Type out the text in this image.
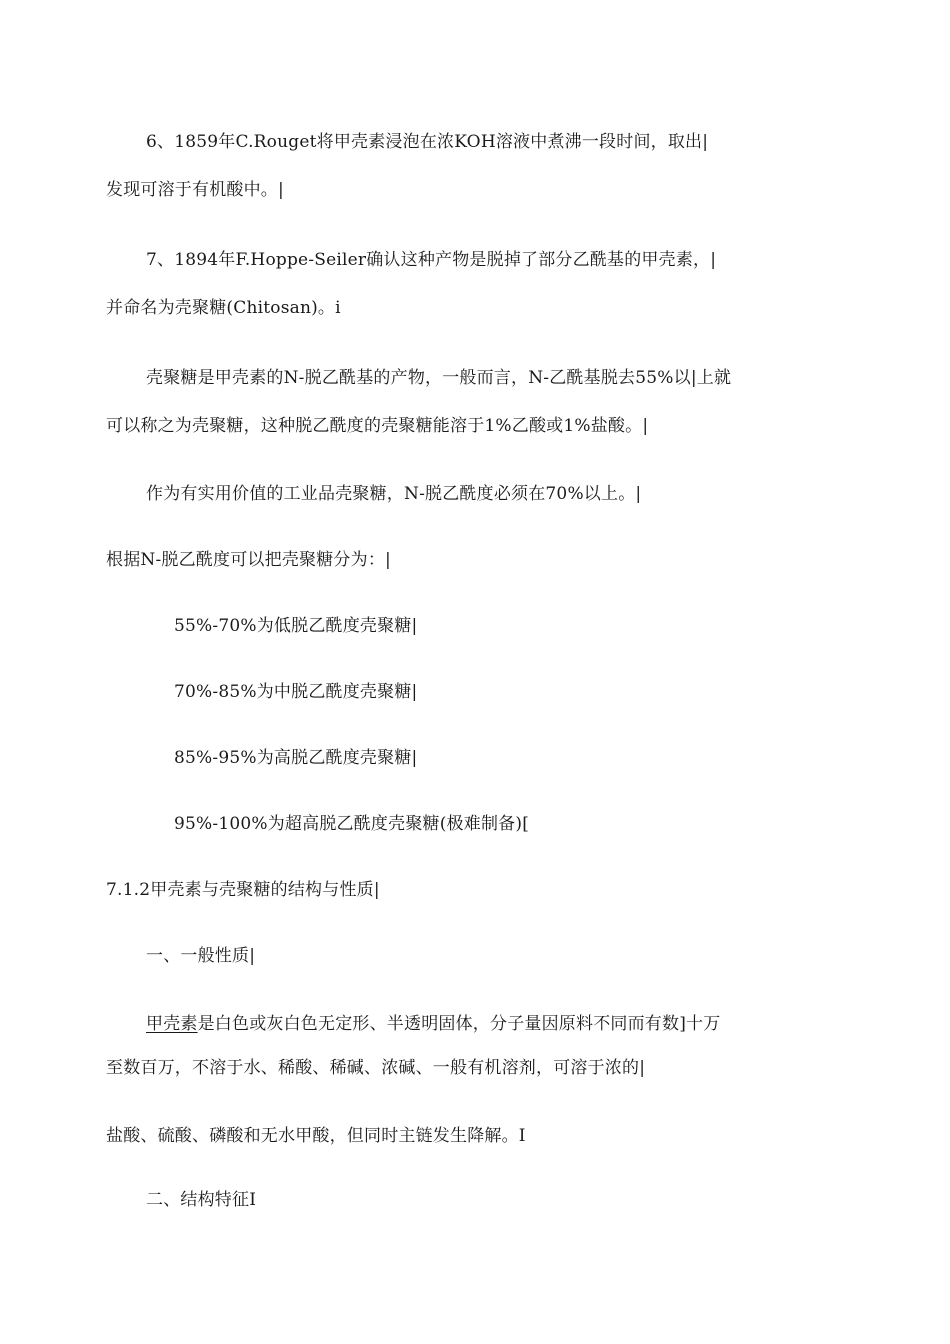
6、1859年C.Rouget将甲壳素浸泡在浓KOH溶液中煮沸一段时间，取出|
发现可溶于有机酸中。|
7、1894年F.Hoppe-Seiler确认这种产物是脱掉了部分乙酰基的甲壳素，|
并命名为壳聚糖(Chitosan)。i
壳聚糖是甲壳素的N-脱乙酰基的产物，一般而言，N-乙酰基脱去55%以|上就
可以称之为壳聚糖，这种脱乙酰度的壳聚糖能溶于1%乙酸或1%盐酸。|
作为有实用价值的工业品壳聚糖，N-脱乙酰度必须在70%以上。|
根据N-脱乙酰度可以把壳聚糖分为：|
55%-70%为低脱乙酰度壳聚糖|
70%-85%为中脱乙酰度壳聚糖|
85%-95%为高脱乙酰度壳聚糖|
95%-100%为超高脱乙酰度壳聚糖(极难制备)[
7.1.2甲壳素与壳聚糖的结构与性质|
一、一般性质|
甲壳素是白色或灰白色无定形、半透明固体，分子量因原料不同而有数]十万
至数百万，不溶于水、稀酸、稀碱、浓碱、一般有机溶剂，可溶于浓的|
盐酸、硫酸、磷酸和无水甲酸，但同时主链发生降解。I
二、结构特征I
